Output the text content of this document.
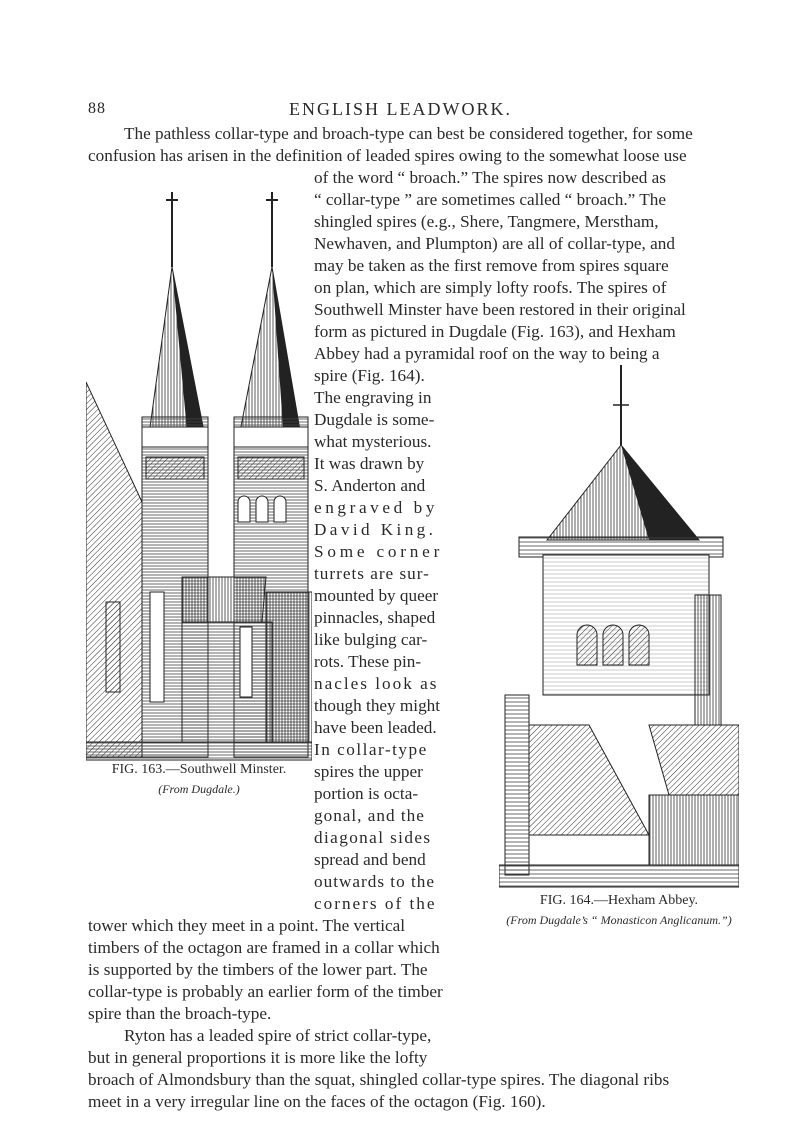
88	ENGLISH LEADWORK.
The pathless collar-type and broach-type can best be considered together, for some
confusion has arisen in the definition of leaded spires owing to the somewhat loose use
of the word “ broach.” The spires now described as
“ collar-type ” are sometimes called “ broach.” The
shingled spires (e.g., Shere, Tangmere, Merstham,
Newhaven, and Plumpton) are all of collar-type, and
may be taken as the first remove from spires square
on plan, which are simply lofty roofs. The spires of
Southwell Minster have been restored in their original
form as pictured in Dugdale (Fig. 163), and Hexham
Abbey had a pyramidal roof on the way to being a
spire (Fig. 164).
The engraving in
Dugdale is some-
what mysterious.
It was drawn by
S. Anderton and
engraved by
David King.
Some corner
turrets are sur-
mounted by queer
pinnacles, shaped
like bulging car-
rots. These pin-
nacles look as
though they might
have been leaded.
In collar-type
spires the upper
portion is octa-
gonal, and the
diagonal sides
spread and bend
outwards to the
corners of the
tower which they meet in a point. The vertical
timbers of the octagon are framed in a collar which
is supported by the timbers of the lower part. The
collar-type is probably an earlier form of the timber
spire than the broach-type.
Ryton has a leaded spire of strict collar-type,
but in general proportions it is more like the lofty
broach of Almondsbury than the squat, shingled collar-type spires. The diagonal ribs
meet in a very irregular line on the faces of the octagon (Fig. 160).
FIG. 163.—Southwell Minster.
(From Dugdale.)
FIG. 164.—Hexham Abbey.
(From Dugdale’s “ Monasticon Anglicanum.”)
